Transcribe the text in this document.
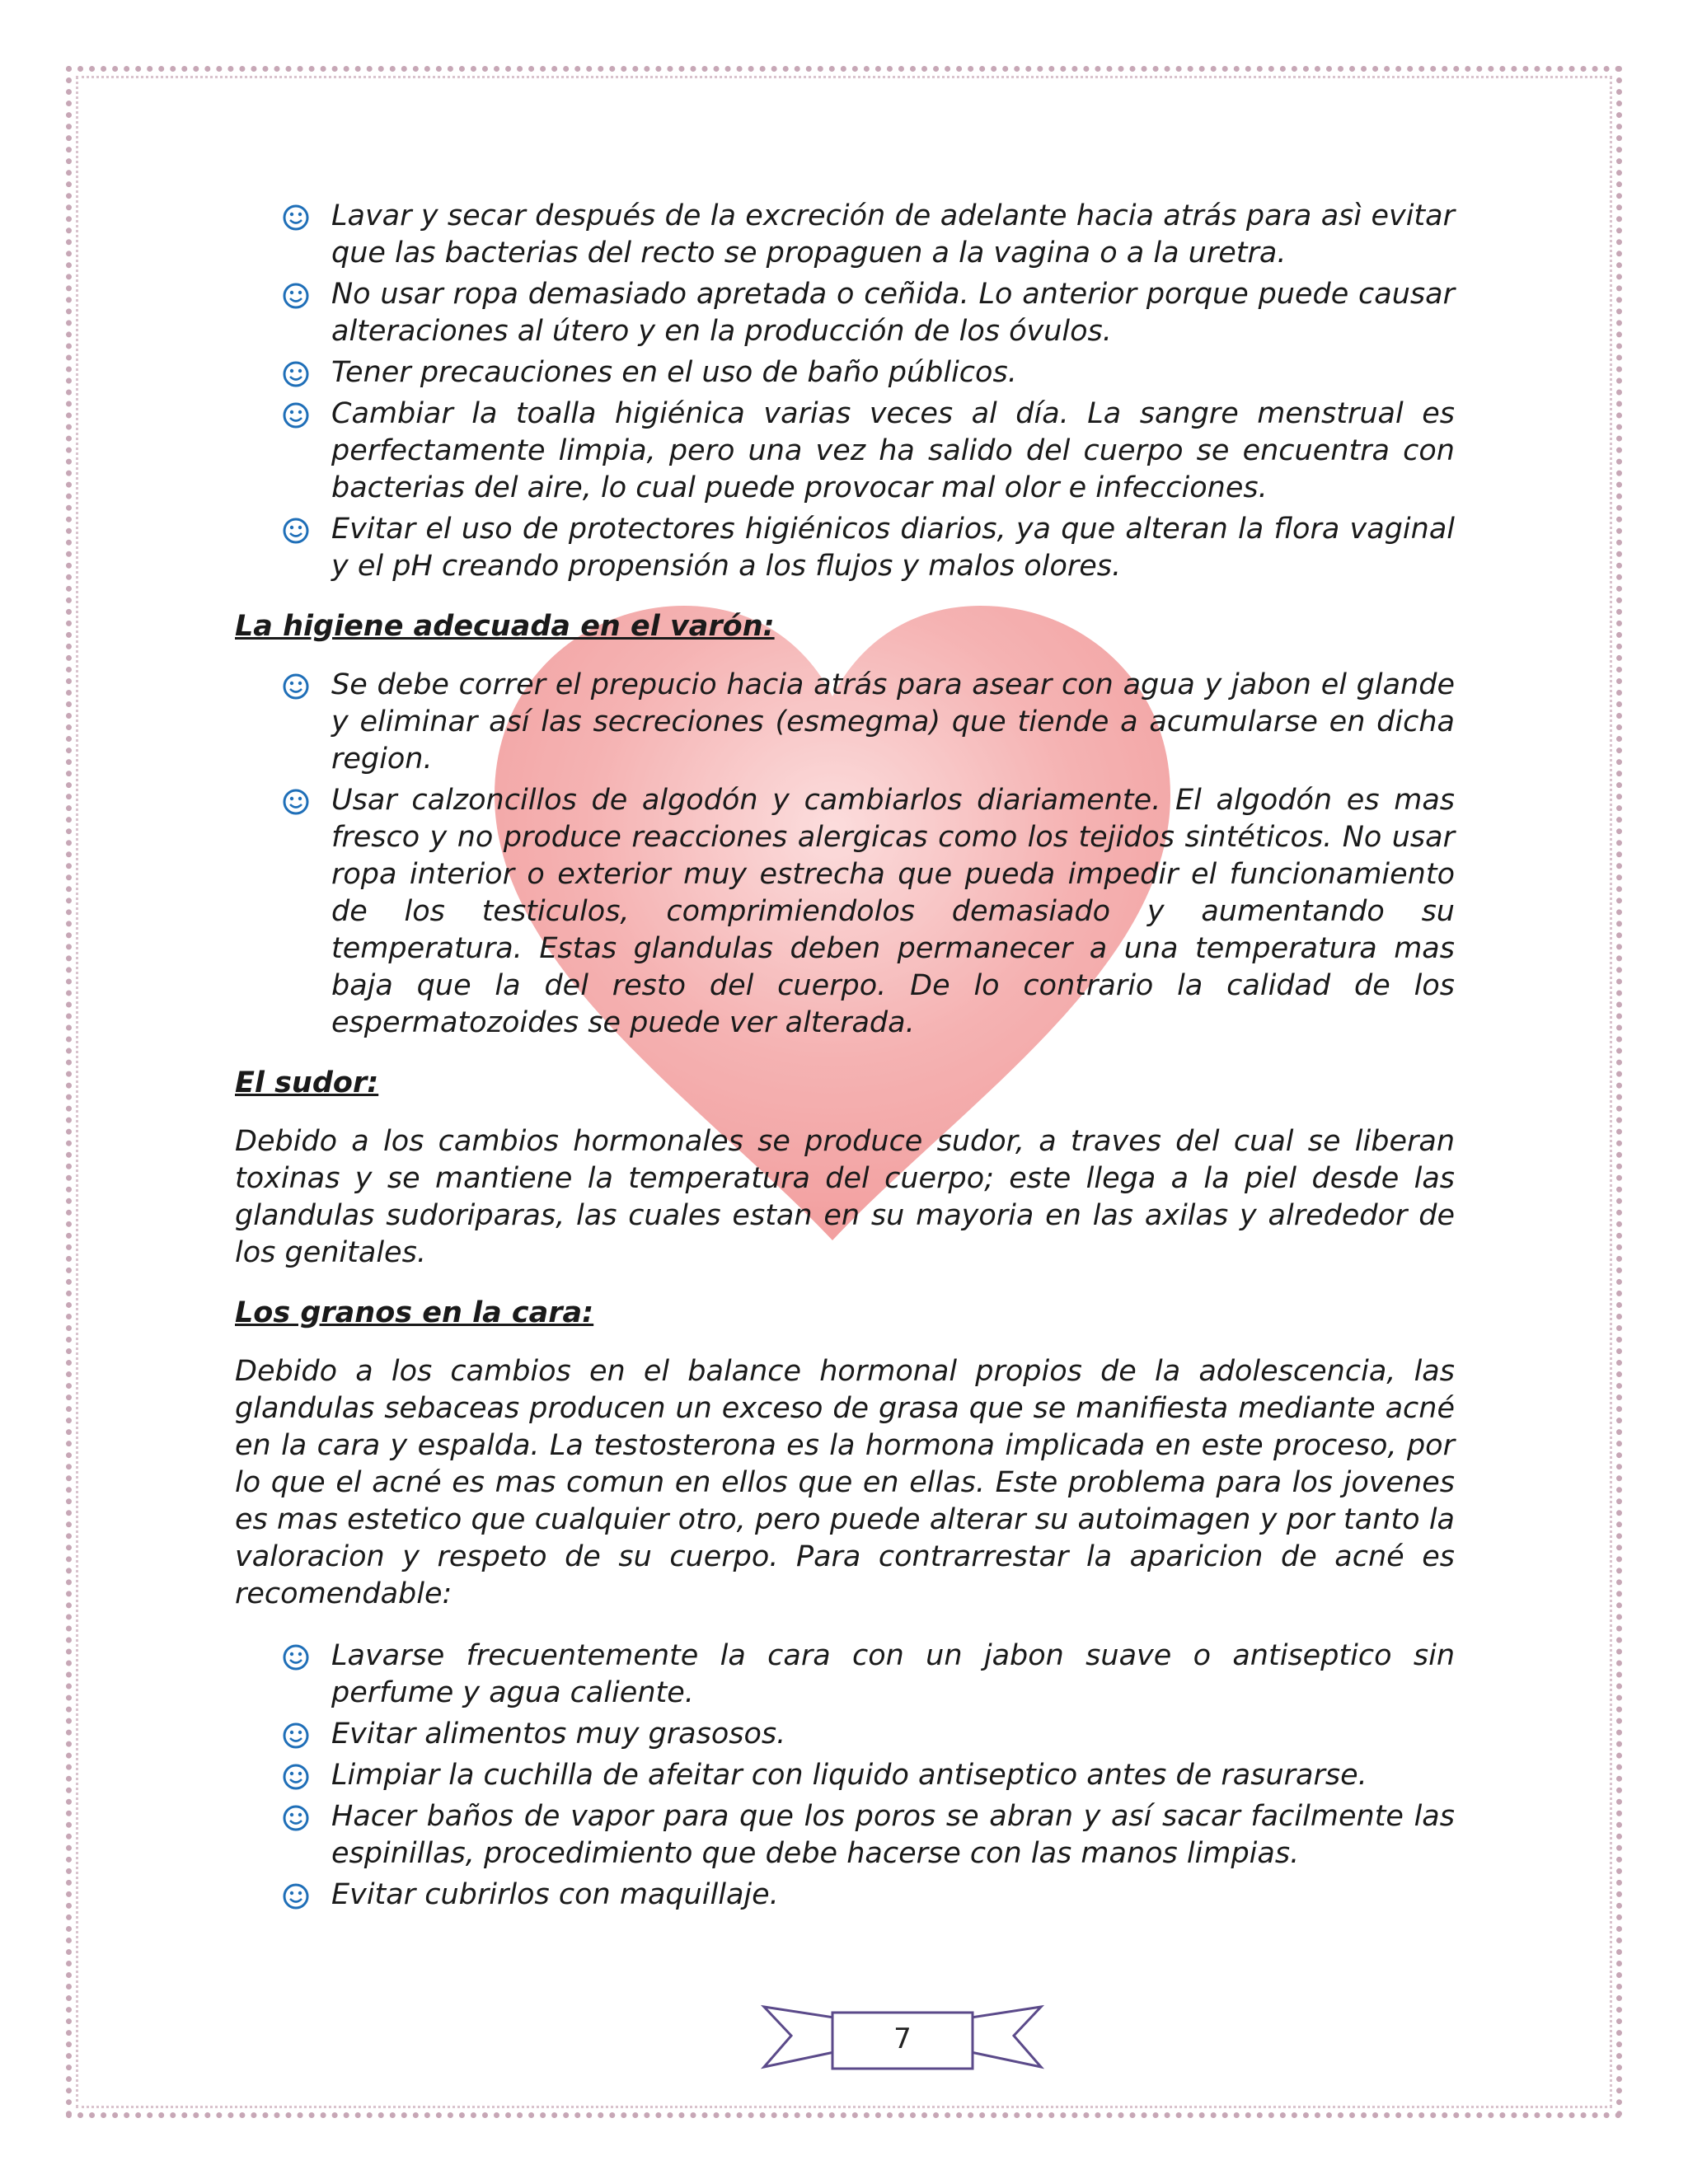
Lavar y secar después de la excreción de adelante hacia atrás para asì evitar que las bacterias del recto se propaguen a la vagina o a la uretra.
No usar ropa demasiado apretada o ceñida. Lo anterior porque puede causar alteraciones al útero y en la producción de los óvulos.
Tener precauciones en el uso de baño públicos.
Cambiar la toalla higiénica varias veces al día. La sangre menstrual es perfectamente limpia, pero una vez ha salido del cuerpo se encuentra con bacterias del aire, lo cual puede provocar mal olor e infecciones.
Evitar el uso de protectores higiénicos diarios, ya que alteran la flora vaginal y el pH creando propensión a los flujos y malos olores.
La higiene adecuada en el varón:
Se debe correr el prepucio hacia atrás para asear con agua y jabon el glande y eliminar así las secreciones (esmegma) que tiende a acumularse en dicha region.
Usar calzoncillos de algodón y cambiarlos diariamente. El algodón es mas fresco y no produce reacciones alergicas como los tejidos sintéticos. No usar ropa interior o exterior muy estrecha que pueda impedir el funcionamiento de los testiculos, comprimiendolos demasiado y aumentando su temperatura. Estas glandulas deben permanecer a una temperatura mas baja que la del resto del cuerpo. De lo contrario la calidad de los espermatozoides se puede ver alterada.
El sudor:

Debido a los cambios hormonales se produce sudor, a traves del cual se liberan toxinas y se mantiene la temperatura del cuerpo; este llega a la piel desde las glandulas sudoriparas, las cuales estan en su mayoria en las axilas y alrededor de los genitales.

Los granos en la cara:

Debido a los cambios en el balance hormonal propios de la adolescencia, las glandulas sebaceas producen un exceso de grasa que se manifiesta mediante acné en la cara y espalda. La testosterona es la hormona implicada en este proceso, por lo que el acné es mas comun en ellos que en ellas. Este problema para los jovenes es mas estetico que cualquier otro, pero puede alterar su autoimagen y por tanto la valoracion y respeto de su cuerpo. Para contrarrestar la aparicion de acné es recomendable:

Lavarse frecuentemente la cara con un jabon suave o antiseptico sin perfume y agua caliente.
Evitar alimentos muy grasosos.
Limpiar la cuchilla de afeitar con liquido antiseptico antes de rasurarse.
Hacer baños de vapor para que los poros se abran y así sacar facilmente las espinillas, procedimiento que debe hacerse con las manos limpias.
Evitar cubrirlos con maquillaje.
7
